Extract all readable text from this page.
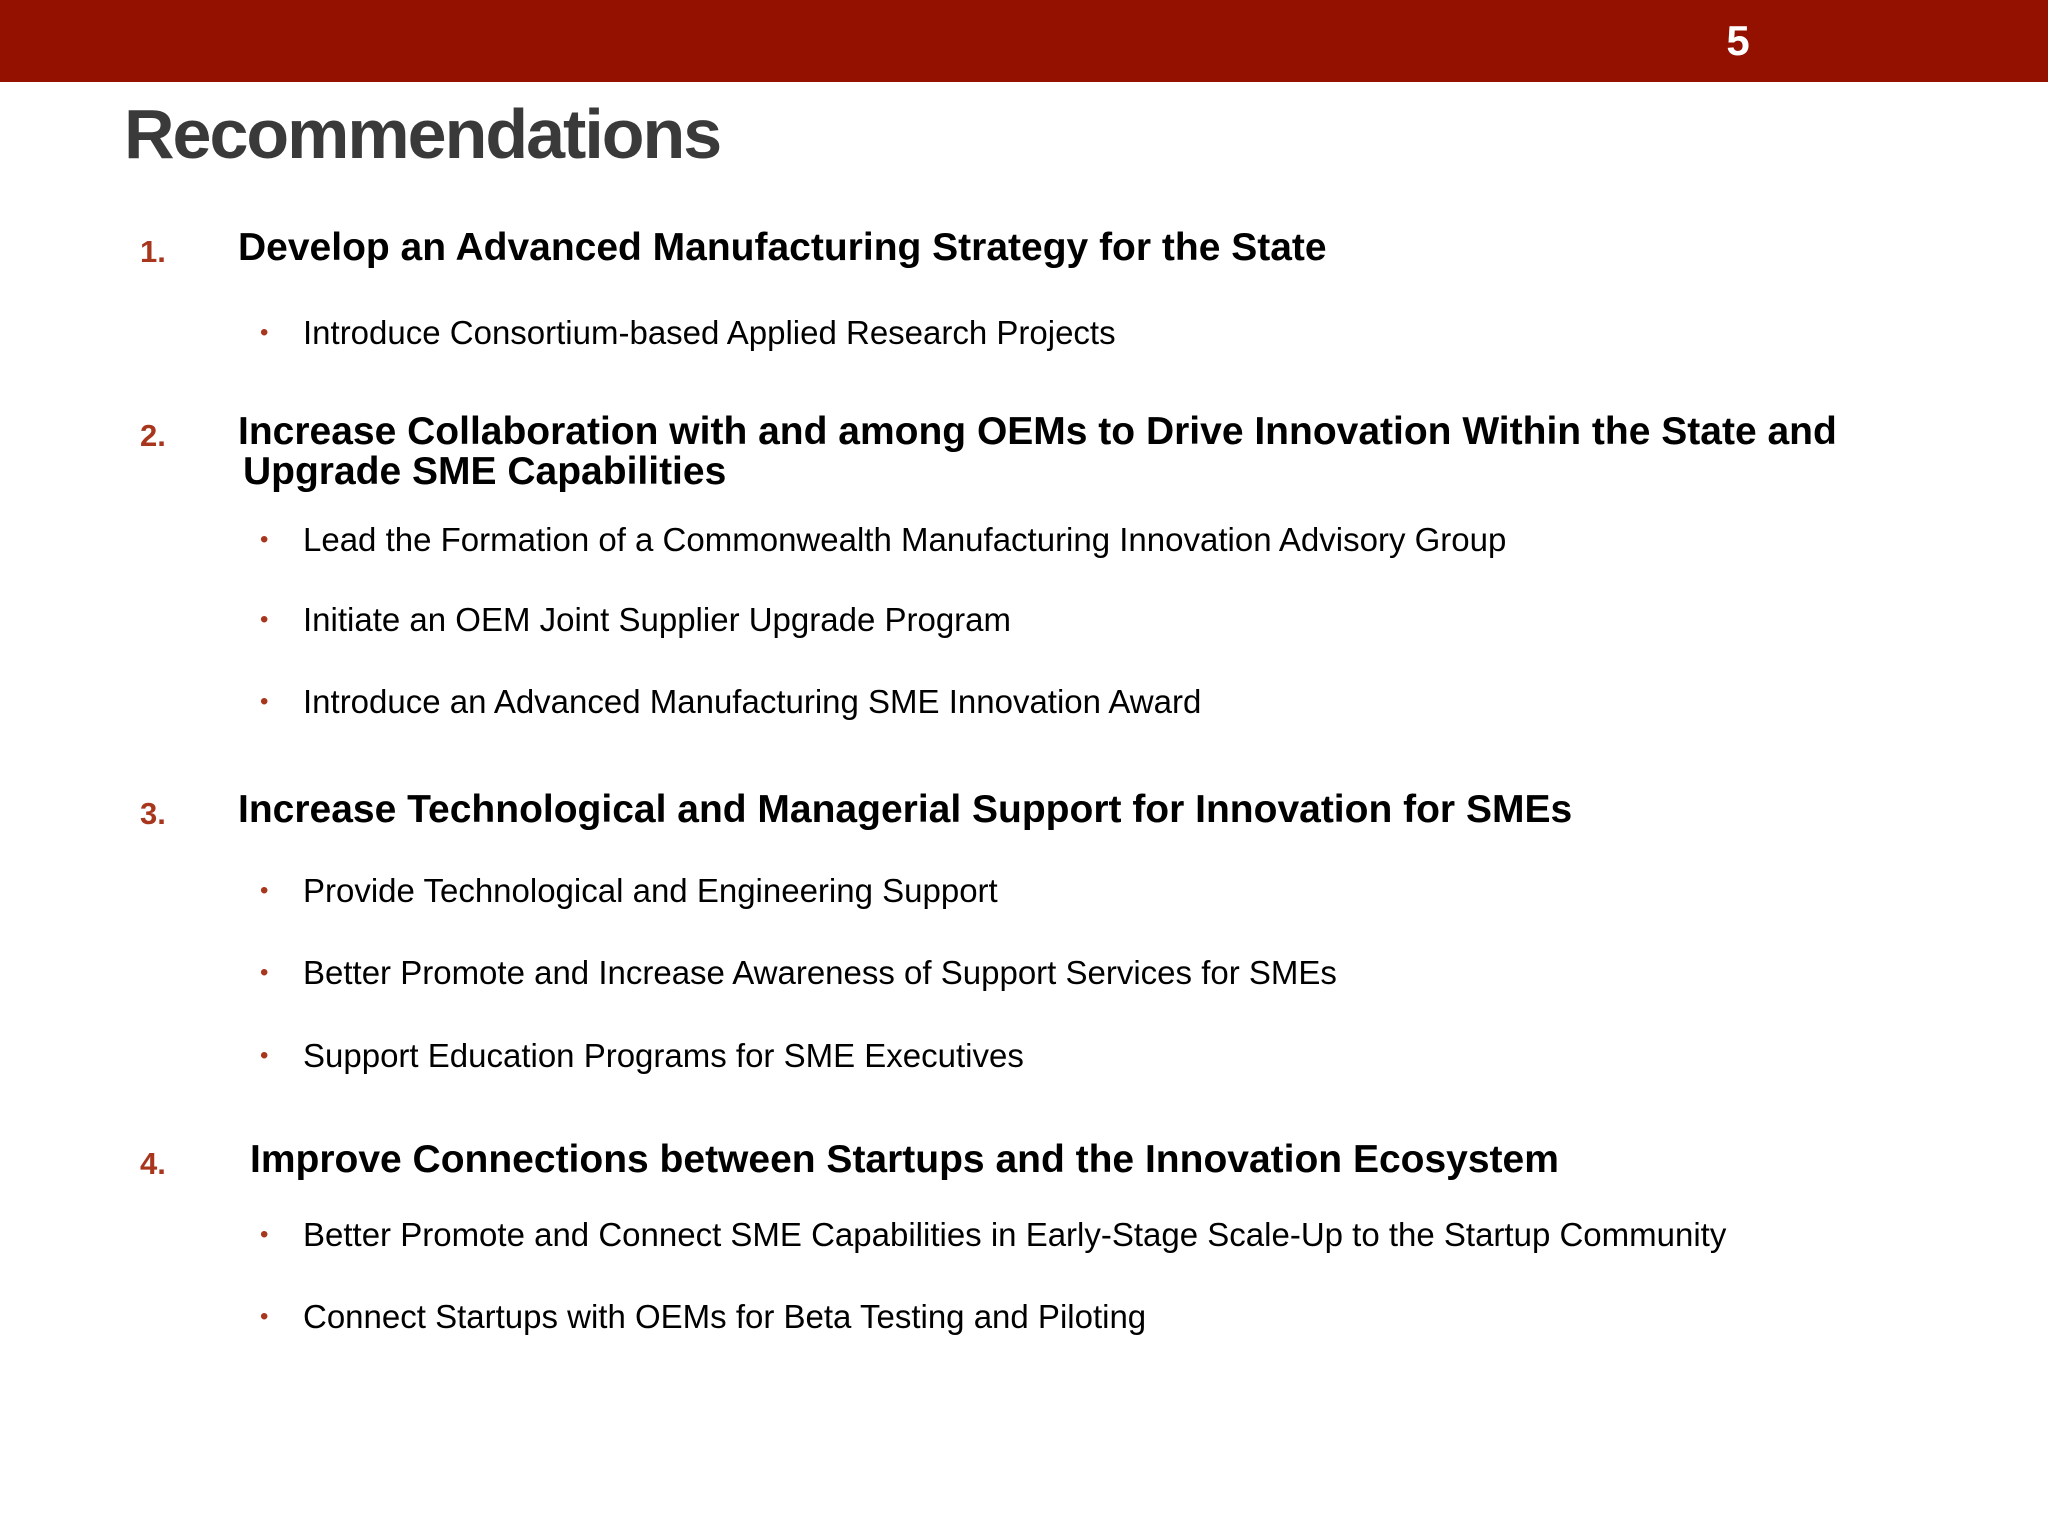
5
Recommendations
1. Develop an Advanced Manufacturing Strategy for the State
• Introduce Consortium-based Applied Research Projects
2. Increase Collaboration with and among OEMs to Drive Innovation Within the State and
Upgrade SME Capabilities
• Lead the Formation of a Commonwealth Manufacturing Innovation Advisory Group
• Initiate an OEM Joint Supplier Upgrade Program
• Introduce an Advanced Manufacturing SME Innovation Award
3. Increase Technological and Managerial Support for Innovation for SMEs
• Provide Technological and Engineering Support
• Better Promote and Increase Awareness of Support Services for SMEs
• Support Education Programs for SME Executives
4. Improve Connections between Startups and the Innovation Ecosystem
• Better Promote and Connect SME Capabilities in Early-Stage Scale-Up to the Startup Community
• Connect Startups with OEMs for Beta Testing and Piloting
